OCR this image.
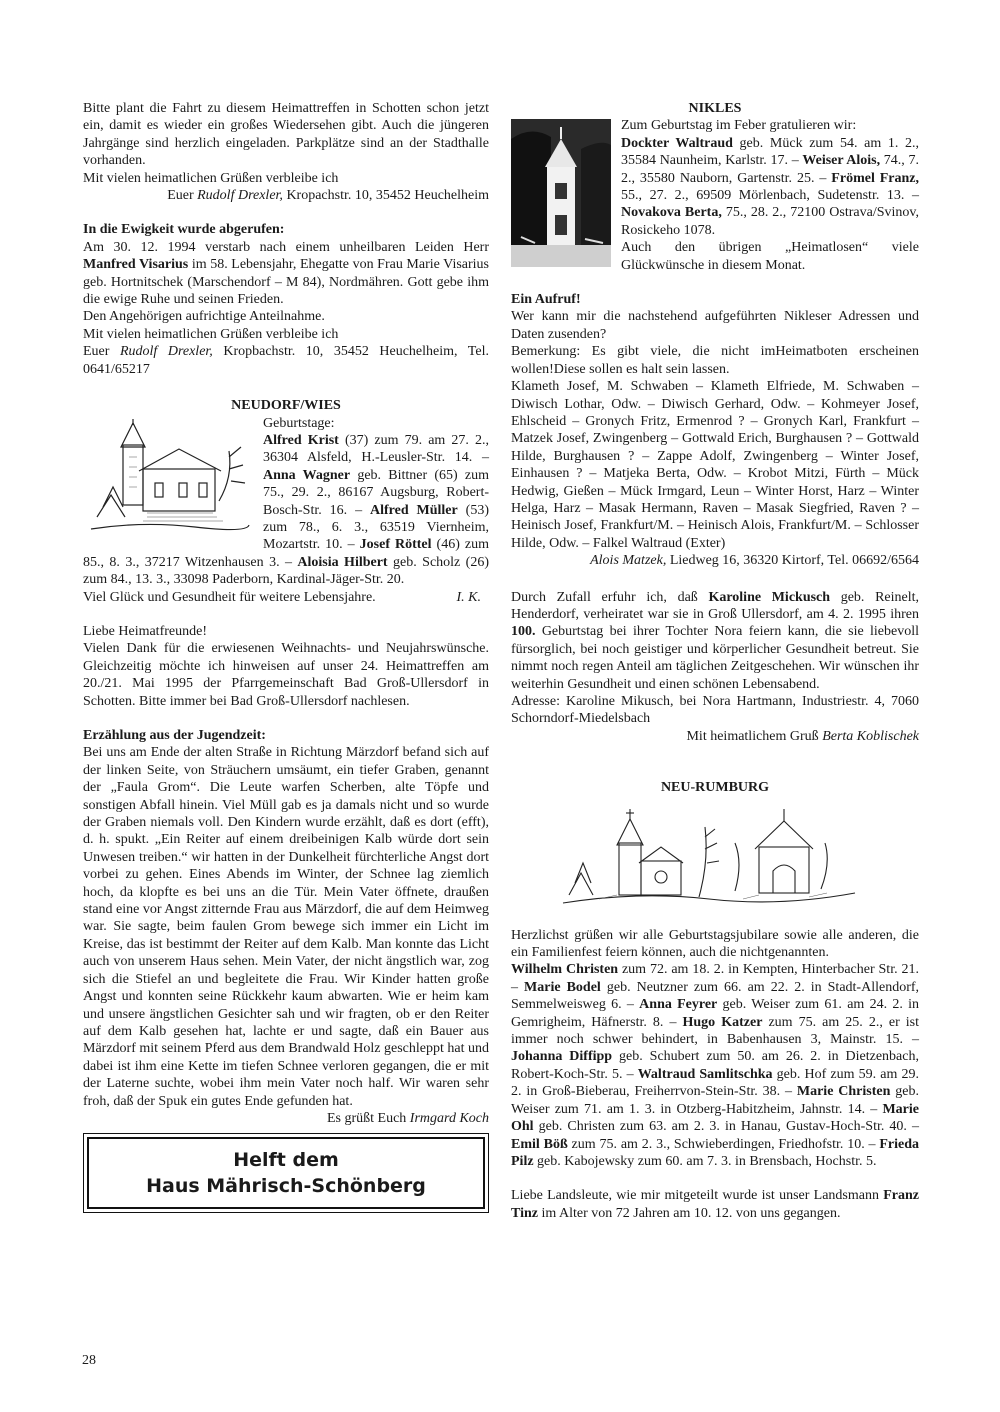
Bitte plant die Fahrt zu diesem Heimattreffen in Schotten schon jetzt ein, damit es wieder ein großes Wiedersehen gibt. Auch die jüngeren Jahrgänge sind herzlich eingeladen. Parkplätze sind an der Stadthalle vorhanden.

Mit vielen heimatlichen Grüßen verbleibe ich

Euer Rudolf Drexler, Kropachstr. 10, 35452 Heuchelheim

In die Ewigkeit wurde abgerufen:

Am 30. 12. 1994 verstarb nach einem unheilbaren Leiden Herr Manfred Visarius im 58. Lebensjahr, Ehegatte von Frau Marie Visarius geb. Hortnitschek (Marschendorf – M 84), Nordmähren. Gott gebe ihm die ewige Ruhe und seinen Frieden.

Den Angehörigen aufrichtige Anteilnahme.

Mit vielen heimatlichen Grüßen verbleibe ich

Euer Rudolf Drexler, Kropbachstr. 10, 35452 Heuchelheim, Tel. 0641/65217

NEUDORF/WIES

Geburtstage:
Alfred Krist (37) zum 79. am 27. 2., 36304 Alsfeld, H.-Leusler-Str. 14. – Anna Wagner geb. Bittner (65) zum 75., 29. 2., 86167 Augsburg, Robert-Bosch-Str. 16. – Alfred Müller (53) zum 78., 6. 3., 63519 Viernheim, Mozartstr. 10. – Josef Röttel (46) zum 85., 8. 3., 37217 Witzenhausen 3. – Aloisia Hilbert geb. Scholz (26) zum 84., 13. 3., 33098 Paderborn, Kardinal-Jäger-Str. 20.

Viel Glück und Gesundheit für weitere Lebensjahre.	I. K.

Liebe Heimatfreunde!

Vielen Dank für die erwiesenen Weihnachts- und Neujahrswünsche. Gleichzeitig möchte ich hinweisen auf unser 24. Heimattreffen am 20./21. Mai 1995 der Pfarrgemeinschaft Bad Groß-Ullersdorf in Schotten. Bitte immer bei Bad Groß-Ullersdorf nachlesen.

Erzählung aus der Jugendzeit:

Bei uns am Ende der alten Straße in Richtung Märzdorf befand sich auf der linken Seite, von Sträuchern umsäumt, ein tiefer Graben, genannt der „Faula Grom“. Die Leute warfen Scherben, alte Töpfe und sonstigen Abfall hinein. Viel Müll gab es ja damals nicht und so wurde der Graben niemals voll. Den Kindern wurde erzählt, daß es dort (efft), d. h. spukt. „Ein Reiter auf einem dreibeinigen Kalb würde dort sein Unwesen treiben.“ wir hatten in der Dunkelheit fürchterliche Angst dort vorbei zu gehen. Eines Abends im Winter, der Schnee lag ziemlich hoch, da klopfte es bei uns an die Tür. Mein Vater öffnete, draußen stand eine vor Angst zitternde Frau aus Märzdorf, die auf dem Heimweg war. Sie sagte, beim faulen Grom bewege sich immer ein Licht im Kreise, das ist bestimmt der Reiter auf dem Kalb. Man konnte das Licht auch von unserem Haus sehen. Mein Vater, der nicht ängstlich war, zog sich die Stiefel an und begleitete die Frau. Wir Kinder hatten große Angst und konnten seine Rückkehr kaum abwarten. Wie er heim kam und unsere ängstlichen Gesichter sah und wir fragten, ob er den Reiter auf dem Kalb gesehen hat, lachte er und sagte, daß ein Bauer aus Märzdorf mit seinem Pferd aus dem Brandwald Holz geschleppt hat und dabei ist ihm eine Kette im tiefen Schnee verloren gegangen, die er mit der Laterne suchte, wobei ihm mein Vater noch half. Wir waren sehr froh, daß der Spuk ein gutes Ende gefunden hat.

Es grüßt Euch Irmgard Koch

Helft dem
Haus Mährisch-Schönberg

NIKLES

Zum Geburtstag im Feber gratulieren wir:
Dockter Waltraud geb. Mück zum 54. am 1. 2., 35584 Naunheim, Karlstr. 17. – Weiser Alois, 74., 7. 2., 35580 Nauborn, Gartenstr. 25. – Frömel Franz, 55., 27. 2., 69509 Mörlenbach, Sudetenstr. 13. – Novakova Berta, 75., 28. 2., 72100 Ostrava/Svinov, Rosickeho 1078.

Auch den übrigen „Heimatlosen“ viele Glückwünsche in diesem Monat.

Ein Aufruf!

Wer kann mir die nachstehend aufgeführten Nikleser Adressen und Daten zusenden?

Bemerkung: Es gibt viele, die nicht imHeimatboten erscheinen wollen!Diese sollen es halt sein lassen.

Klameth Josef, M. Schwaben – Klameth Elfriede, M. Schwaben – Diwisch Lothar, Odw. – Diwisch Gerhard, Odw. – Kohmeyer Josef, Ehlscheid – Gronych Fritz, Ermenrod ? – Gronych Karl, Frankfurt – Matzek Josef, Zwingenberg – Gottwald Erich, Burghausen ? – Gottwald Hilde, Burghausen ? – Zappe Adolf, Zwingenberg – Winter Josef, Einhausen ? – Matjeka Berta, Odw. – Krobot Mitzi, Fürth – Mück Hedwig, Gießen – Mück Irmgard, Leun – Winter Horst, Harz – Winter Helga, Harz – Masak Hermann, Raven – Masak Siegfried, Raven ? – Heinisch Josef, Frankfurt/M. – Heinisch Alois, Frankfurt/M. – Schlosser Hilde, Odw. – Falkel Waltraud (Exter)

Alois Matzek, Liedweg 16, 36320 Kirtorf, Tel. 06692/6564

Durch Zufall erfuhr ich, daß Karoline Mickusch geb. Reinelt, Henderdorf, verheiratet war sie in Groß Ullersdorf, am 4. 2. 1995 ihren 100. Geburtstag bei ihrer Tochter Nora feiern kann, die sie liebevoll fürsorglich, bei noch geistiger und körperlicher Gesundheit betreut. Sie nimmt noch regen Anteil am täglichen Zeitgeschehen. Wir wünschen ihr weiterhin Gesundheit und einen schönen Lebensabend.

Adresse: Karoline Mikusch, bei Nora Hartmann, Industriestr. 4, 7060 Schorndorf-Miedelsbach

Mit heimatlichem Gruß Berta Koblischek

NEU-RUMBURG

Herzlichst grüßen wir alle Geburtstagsjubilare sowie alle anderen, die ein Familienfest feiern können, auch die nichtgenannten.

Wilhelm Christen zum 72. am 18. 2. in Kempten, Hinterbacher Str. 21. – Marie Bodel geb. Neutzner zum 66. am 22. 2. in Stadt-Allendorf, Semmelweisweg 6. – Anna Feyrer geb. Weiser zum 61. am 24. 2. in Gemrigheim, Häfnerstr. 8. – Hugo Katzer zum 75. am 25. 2., er ist immer noch schwer behindert, in Babenhausen 3, Mainstr. 15. – Johanna Diffipp geb. Schubert zum 50. am 26. 2. in Dietzenbach, Robert-Koch-Str. 5. – Waltraud Samlitschka geb. Hof zum 59. am 29. 2. in Groß-Bieberau, Freiherrvon-Stein-Str. 38. – Marie Christen geb. Weiser zum 71. am 1. 3. in Otzberg-Habitzheim, Jahnstr. 14. – Marie Ohl geb. Christen zum 63. am 2. 3. in Hanau, Gustav-Hoch-Str. 40. – Emil Böß zum 75. am 2. 3., Schwieberdingen, Friedhofstr. 10. – Frieda Pilz geb. Kabojewsky zum 60. am 7. 3. in Brensbach, Hochstr. 5.

Liebe Landsleute, wie mir mitgeteilt wurde ist unser Landsmann Franz Tinz im Alter von 72 Jahren am 10. 12. von uns gegangen.

28
